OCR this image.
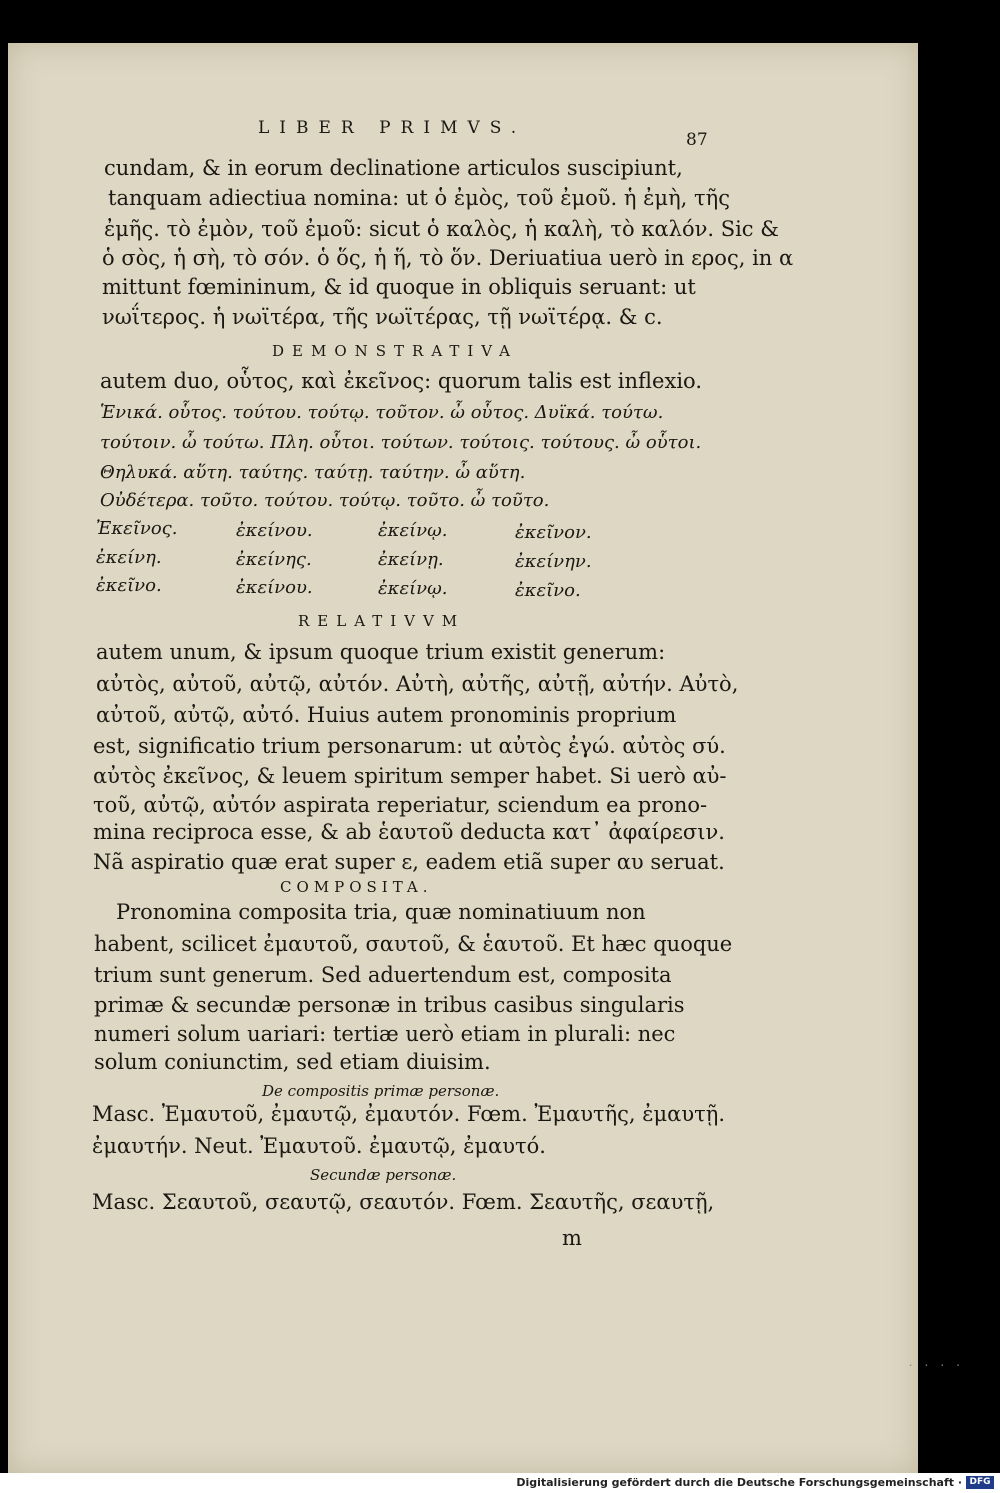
LIBER PRIMVS.
87
cundam, & in eorum declinatione articulos suscipiunt,
tanquam adiectiua nomina: ut ὁ ἐμὸς, τοῦ ἐμοῦ. ἡ ἐμὴ, τῆς
ἐμῆς. τὸ ἐμὸν, τοῦ ἐμοῦ: sicut ὁ καλὸς, ἡ καλὴ, τὸ καλόν. Sic &
ὁ σὸς, ἡ σὴ, τὸ σόν. ὁ ὅς, ἡ ἥ, τὸ ὅν. Deriuatiua uerò in ερος, in α
mittunt fœmininum, & id quoque in obliquis seruant: ut
νωΐτερος. ἡ νωϊτέρα, τῆς νωϊτέρας, τῇ νωϊτέρᾳ. & c.
DEMONSTRATIVA
autem duo, οὗτος, καὶ ἐκεῖνος: quorum talis est inflexio.
Ἑνικά. οὗτος. τούτου. τούτῳ. τοῦτον. ὦ οὗτος. Δυϊκά. τούτω.
τούτοιν. ὦ τούτω. Πλη. οὗτοι. τούτων. τούτοις. τούτους. ὦ οὗτοι.
Θηλυκά. αὕτη. ταύτης. ταύτῃ. ταύτην. ὦ αὕτη.
Οὐδέτερα. τοῦτο. τούτου. τούτῳ. τοῦτο. ὦ τοῦτο.
Ἐκεῖνος.	ἐκείνου.	ἐκείνῳ.	ἐκεῖνον.
ἐκείνη.	ἐκείνης.	ἐκείνῃ.	ἐκείνην.
ἐκεῖνο.	ἐκείνου.	ἐκείνῳ.	ἐκεῖνο.
RELATIVVM
autem unum, & ipsum quoque trium existit generum:
αὐτὸς, αὐτοῦ, αὐτῷ, αὐτόν. Αὐτὴ, αὐτῆς, αὐτῇ, αὐτήν. Αὐτὸ,
αὐτοῦ, αὐτῷ, αὐτό. Huius autem pronominis proprium
est, significatio trium personarum: ut αὐτὸς ἐγώ. αὐτὸς σύ.
αὐτὸς ἐκεῖνος, & leuem spiritum semper habet. Si uerò αὐ-
τοῦ, αὐτῷ, αὐτόν aspirata reperiatur, sciendum ea prono-
mina reciproca esse, & ab ἑαυτοῦ deducta κατ᾽ ἀφαίρεσιν.
Nã aspiratio quæ erat super ε, eadem etiã super αυ seruat.
COMPOSITA.
Pronomina composita tria, quæ nominatiuum non
habent, scilicet ἐμαυτοῦ, σαυτοῦ, & ἑαυτοῦ. Et hæc quoque
trium sunt generum. Sed aduertendum est, composita
primæ & secundæ personæ in tribus casibus singularis
numeri solum uariari: tertiæ uerò etiam in plurali: nec
solum coniunctim, sed etiam diuisim.
De compositis primæ personæ.
Masc. Ἐμαυτοῦ, ἐμαυτῷ, ἐμαυτόν. Fœm. Ἐμαυτῆς, ἐμαυτῇ.
ἐμαυτήν. Neut. Ἐμαυτοῦ. ἐμαυτῷ, ἐμαυτό.
Secundæ personæ.
Masc. Σεαυτοῦ, σεαυτῷ, σεαυτόν. Fœm. Σεαυτῆς, σεαυτῇ,
m
....
Digitalisierung gefördert durch die Deutsche Forschungsgemeinschaft · DFG
